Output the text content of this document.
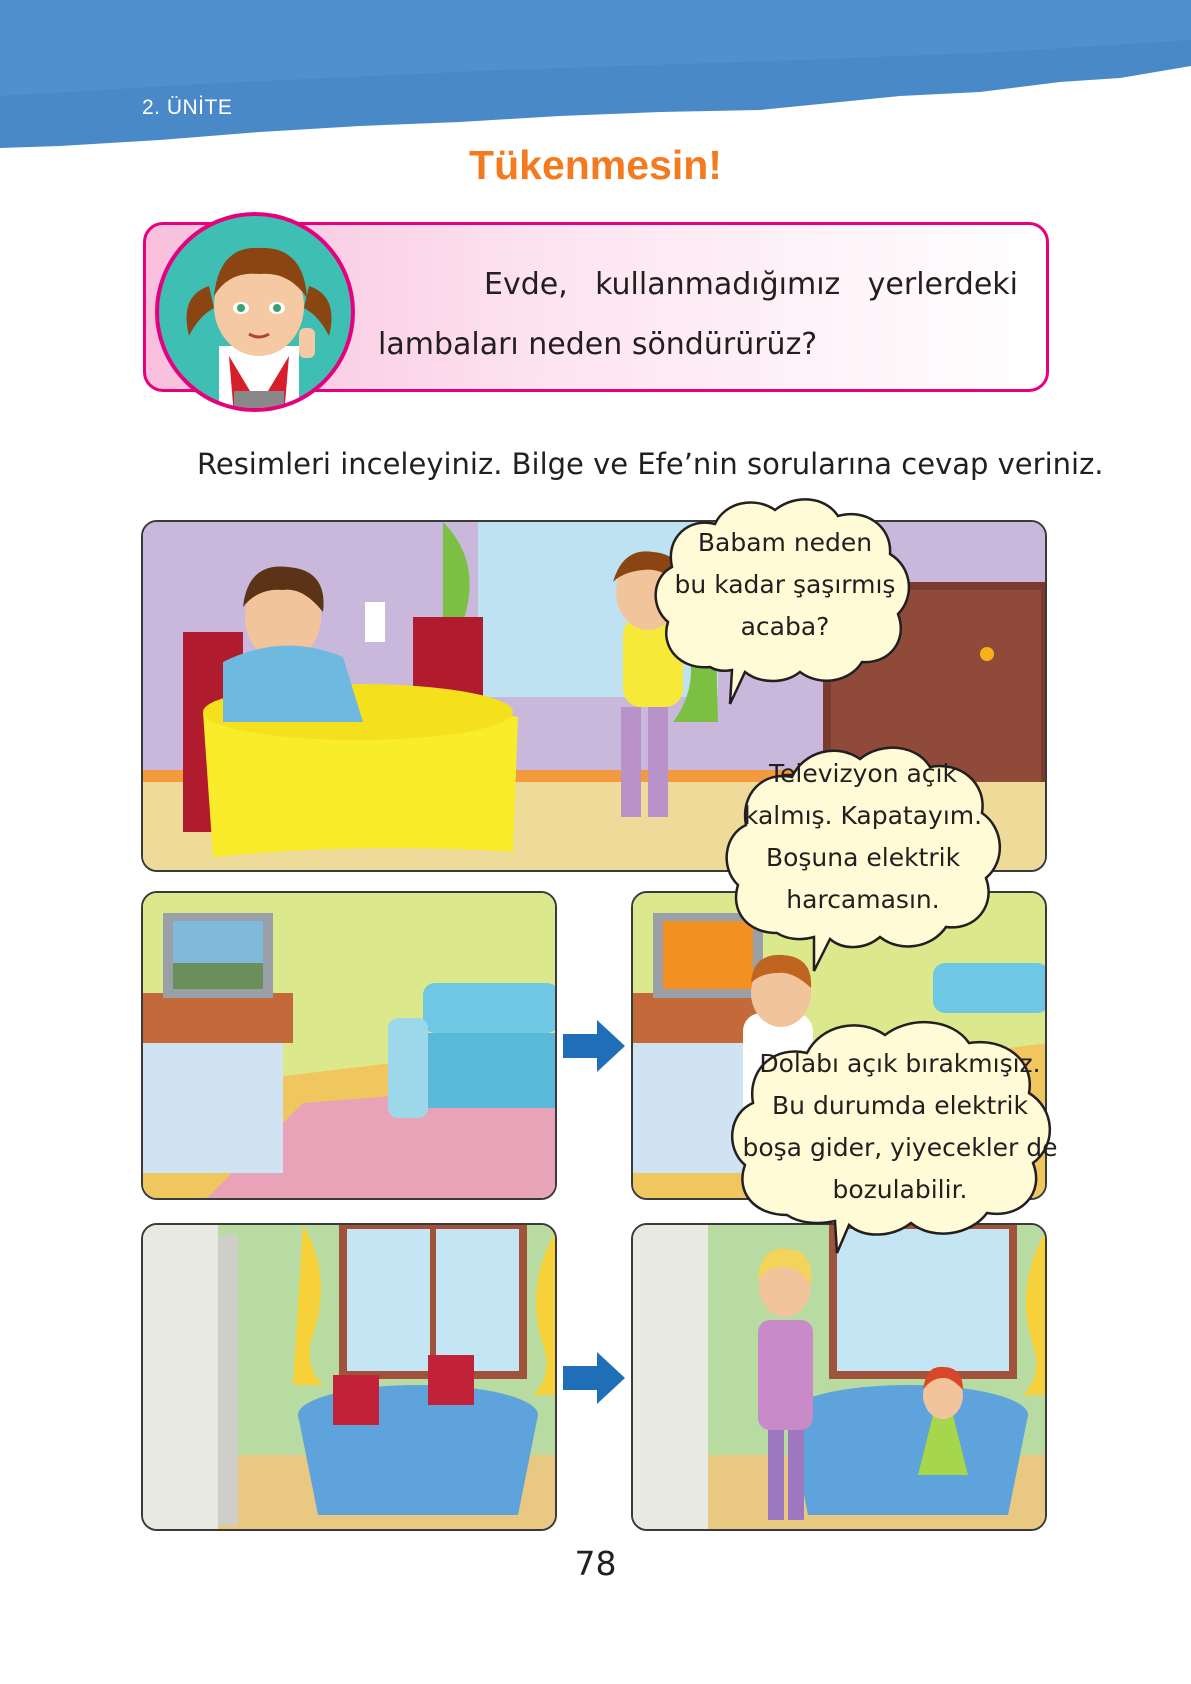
2. ÜNİTE
Tükenmesin!
Evde, kullanmadığımız yerlerdeki lambaları neden söndürürüz?
Resimleri inceleyiniz. Bilge ve Efe’nin sorularına cevap veriniz.
Babam neden
bu kadar şaşırmış
acaba?
Televizyon açık
kalmış. Kapatayım.
Boşuna elektrik
harcamasın.
Dolabı açık bırakmışız.
Bu durumda elektrik
boşa gider, yiyecekler de
bozulabilir.
78
